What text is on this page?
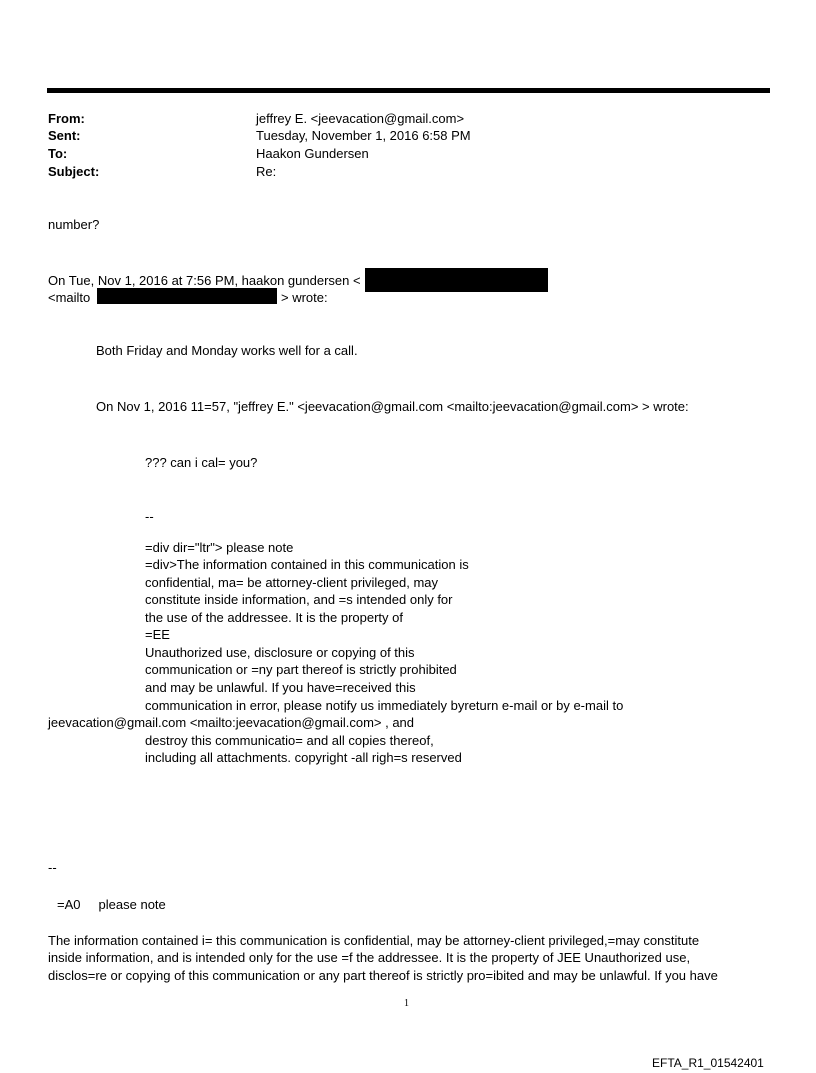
From:	jeffrey E. <jeevacation@gmail.com>
Sent:	Tuesday, November 1, 2016 6:58 PM
To:	Haakon Gundersen
Subject:	Re:
number?
On Tue, Nov 1, 2016 at 7:56 PM, haakon gundersen <
<mailto	> wrote:
Both Friday and Monday works well for a call.
On Nov 1, 2016 11=57, "jeffrey E." <jeevacation@gmail.com <mailto:jeevacation@gmail.com> > wrote:
??? can i cal= you?
--
=div dir="ltr"> please note
=div>The information contained in this communication is
confidential, ma= be attorney-client privileged, may
constitute inside information, and =s intended only for
the use of the addressee. It is the property of
=EE
Unauthorized use, disclosure or copying of this
communication or =ny part thereof is strictly prohibited
and may be unlawful. If you have=received this
communication in error, please notify us immediately byreturn e-mail or by e-mail to
jeevacation@gmail.com <mailto:jeevacation@gmail.com> , and
destroy this communicatio= and all copies thereof,
including all attachments. copyright -all righ=s reserved
--
=A0     please note
The information contained i= this communication is confidential, may be attorney-client privileged,=may constitute
inside information, and is intended only for the use =f the addressee. It is the property of JEE Unauthorized use,
disclos=re or copying of this communication or any part thereof is strictly pro=ibited and may be unlawful. If you have
1
EFTA_R1_01542401
